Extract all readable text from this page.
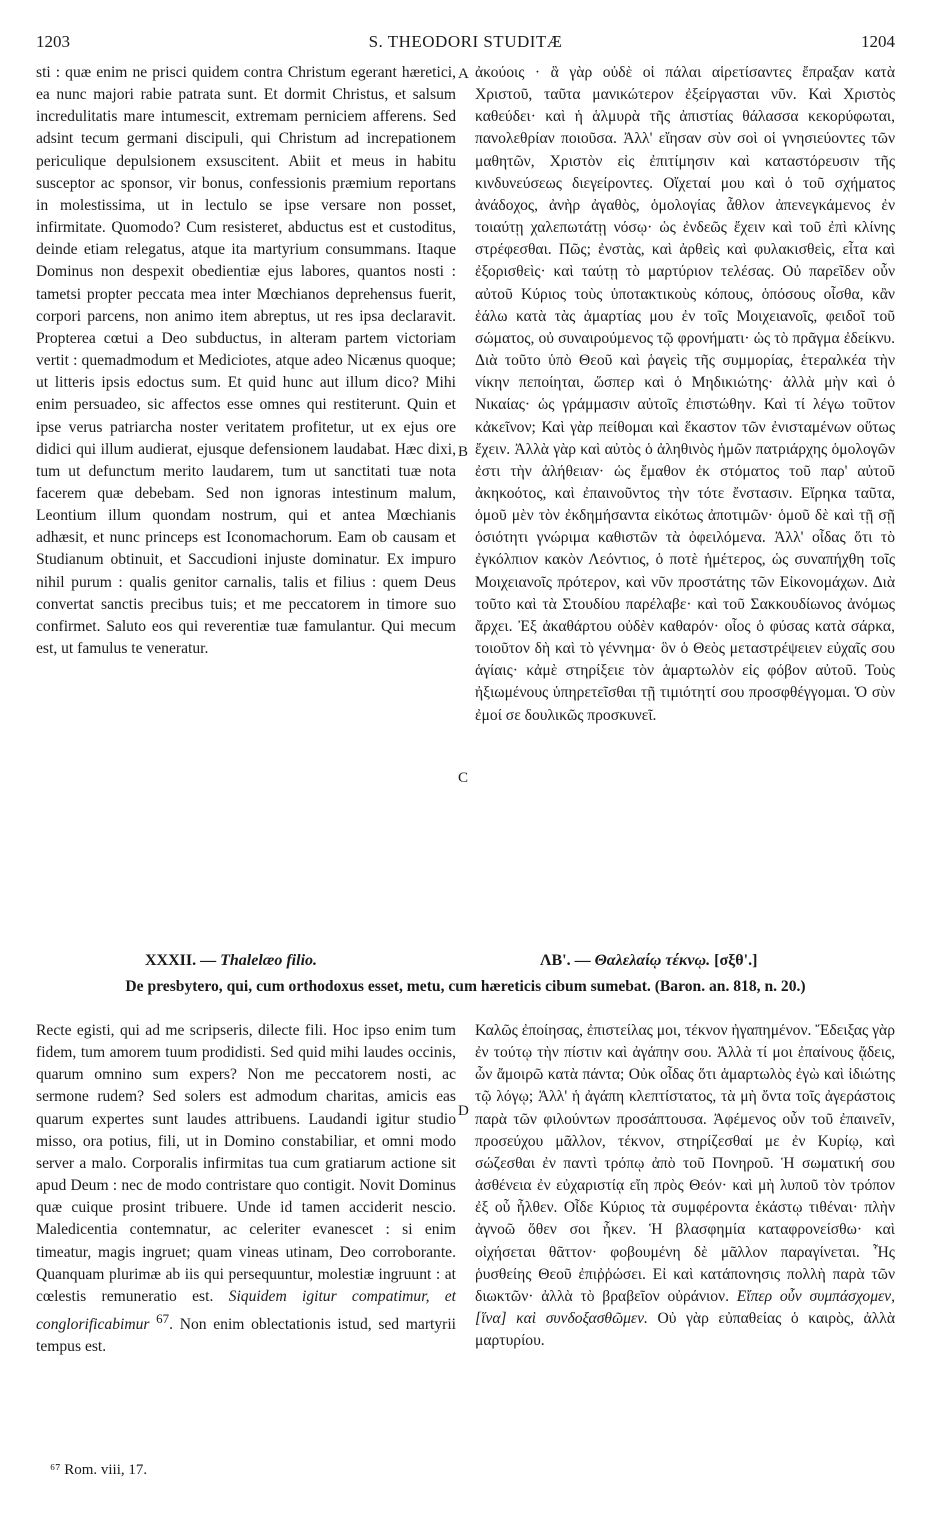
1203	S. THEODORI STUDITÆ	1204
A
B
C
D

sti : quæ enim ne prisci quidem contra Christum egerant hæretici, ea nunc majori rabie patrata sunt. Et dormit Christus, et salsum incredulitatis mare intumescit, extremam perniciem afferens. Sed adsint tecum germani discipuli, qui Christum ad increpationem periculique depulsionem exsuscitent. Abiit et meus in habitu susceptor ac sponsor, vir bonus, confessionis præmium reportans in molestissima, ut in lectulo se ipse versare non posset, infirmitate. Quomodo? Cum resisteret, abductus est et custoditus, deinde etiam relegatus, atque ita martyrium consummans. Itaque Dominus non despexit obedientiæ ejus labores, quantos nosti : tametsi propter peccata mea inter Mœchianos deprehensus fuerit, corpori parcens, non animo item abreptus, ut res ipsa declaravit. Propterea cœtui a Deo subductus, in alteram partem victoriam vertit : quemadmodum et Mediciotes, atque adeo Nicænus quoque; ut litteris ipsis edoctus sum. Et quid hunc aut illum dico? Mihi enim persuadeo, sic affectos esse omnes qui restiterunt. Quin et ipse verus patriarcha noster veritatem profitetur, ut ex ejus ore didici qui illum audierat, ejusque defensionem laudabat. Hæc dixi, tum ut defunctum merito laudarem, tum ut sanctitati tuæ nota facerem quæ debebam. Sed non ignoras intestinum malum, Leontium illum quondam nostrum, qui et antea Mœchianis adhæsit, et nunc princeps est Iconomachorum. Eam ob causam et Studianum obtinuit, et Saccudioni injuste dominatur. Ex impuro nihil purum : qualis genitor carnalis, talis et filius : quem Deus convertat sanctis precibus tuis; et me peccatorem in timore suo confirmet. Saluto eos qui reverentiæ tuæ famulantur. Qui mecum est, ut famulus te veneratur.

ἀκούοις · ἃ γὰρ οὐδὲ οἱ πάλαι αἱρετίσαντες ἔπραξαν κατὰ Χριστοῦ, ταῦτα μανικώτερον ἐξείργασται νῦν. Καὶ Χριστὸς καθεύδει· καὶ ἡ ἁλμυρὰ τῆς ἀπιστίας θάλασσα κεκορύφωται, πανολεθρίαν ποιοῦσα. Ἀλλ' εἴησαν σὺν σοὶ οἱ γνησιεύοντες τῶν μαθητῶν, Χριστὸν εἰς ἐπιτίμησιν καὶ καταστόρευσιν τῆς κινδυνεύσεως διεγείροντες. Οἴχεταί μου καὶ ὁ τοῦ σχήματος ἀνάδοχος, ἀνὴρ ἀγαθὸς, ὁμολογίας ἆθλον ἀπενεγκάμενος ἐν τοιαύτῃ χαλεπωτάτῃ νόσῳ· ὡς ἐνδεῶς ἔχειν καὶ τοῦ ἐπὶ κλίνης στρέφεσθαι. Πῶς; ἐνστὰς, καὶ ἀρθεὶς καὶ φυλακισθεὶς, εἶτα καὶ ἐξορισθεὶς· καὶ ταύτῃ τὸ μαρτύριον τελέσας. Οὐ παρεῖδεν οὖν αὐτοῦ Κύριος τοὺς ὑποτακτικοὺς κόπους, ὁπόσους οἶσθα, κἂν ἑάλω κατὰ τὰς ἁμαρτίας μου ἐν τοῖς Μοιχειανοῖς, φειδοῖ τοῦ σώματος, οὐ συναιρούμενος τῷ φρονήματι· ὡς τὸ πρᾶγμα ἐδείκνυ. Διὰ τοῦτο ὑπὸ Θεοῦ καὶ ῥαγεὶς τῆς συμμορίας, ἑτεραλκέα τὴν νίκην πεποίηται, ὥσπερ καὶ ὁ Μηδικιώτης· ἀλλὰ μὴν καὶ ὁ Νικαίας· ὡς γράμμασιν αὐτοῖς ἐπιστώθην. Καὶ τί λέγω τοῦτον κἀκεῖνον; Καὶ γὰρ πείθομαι καὶ ἕκαστον τῶν ἐνισταμένων οὕτως ἔχειν. Ἀλλὰ γὰρ καὶ αὐτὸς ὁ ἀληθινὸς ἡμῶν πατριάρχης ὁμολογῶν ἐστι τὴν ἀλήθειαν· ὡς ἔμαθον ἐκ στόματος τοῦ παρ' αὐτοῦ ἀκηκοότος, καὶ ἐπαινοῦντος τὴν τότε ἔνστασιν. Εἴρηκα ταῦτα, ὁμοῦ μὲν τὸν ἐκδημήσαντα εἰκότως ἀποτιμῶν· ὁμοῦ δὲ καὶ τῇ σῇ ὁσιότητι γνώριμα καθιστῶν τὰ ὀφειλόμενα. Ἀλλ' οἶδας ὅτι τὸ ἐγκόλπιον κακὸν Λεόντιος, ὁ ποτὲ ἡμέτερος, ὡς συναπήχθη τοῖς Μοιχειανοῖς πρότερον, καὶ νῦν προστάτης τῶν Εἰκονομάχων. Διὰ τοῦτο καὶ τὰ Στουδίου παρέλαβε· καὶ τοῦ Σακκουδίωνος ἀνόμως ἄρχει. Ἐξ ἀκαθάρτου οὐδὲν καθαρόν· οἷος ὁ φύσας κατὰ σάρκα, τοιοῦτον δὴ καὶ τὸ γέννημα· ὃν ὁ Θεὸς μεταστρέψειεν εὐχαῖς σου ἁγίαις· κἀμὲ στηρίξειε τὸν ἁμαρτωλὸν εἰς φόβον αὐτοῦ. Τοὺς ἠξιωμένους ὑπηρετεῖσθαι τῇ τιμιότητί σου προσφθέγγομαι. Ὁ σὺν ἐμοί σε δουλικῶς προσκυνεῖ.

XXXII. — Thalelæo filio.	ΛΒ'. — Θαλελαίῳ τέκνῳ. [σξθ'.]
De presbytero, qui, cum orthodoxus esset, metu, cum hæreticis cibum sumebat. (Baron. an. 818, n. 20.)

Recte egisti, qui ad me scripseris, dilecte fili. Hoc ipso enim tum fidem, tum amorem tuum prodidisti. Sed quid mihi laudes occinis, quarum omnino sum expers? Non me peccatorem nosti, ac sermone rudem? Sed solers est admodum charitas, amicis eas quarum expertes sunt laudes attribuens. Laudandi igitur studio misso, ora potius, fili, ut in Domino constabiliar, et omni modo server a malo. Corporalis infirmitas tua cum gratiarum actione sit apud Deum : nec de modo contristare quo contigit. Novit Dominus quæ cuique prosint tribuere. Unde id tamen acciderit nescio. Maledicentia contemnatur, ac celeriter evanescet : si enim timeatur, magis ingruet; quam vineas utinam, Deo corroborante. Quanquam plurimæ ab iis qui persequuntur, molestiæ ingruunt : at cœlestis remuneratio est. Siquidem igitur compatimur, et conglorificabimur $^{67}$. Non enim oblectationis istud, sed martyrii tempus est.

Καλῶς ἐποίησας, ἐπιστείλας μοι, τέκνον ἠγαπημένον. Ἔδειξας γὰρ ἐν τούτῳ τὴν πίστιν καὶ ἀγάπην σου. Ἀλλὰ τί μοι ἐπαίνους ᾄδεις, ὧν ἄμοιρῶ κατὰ πάντα; Οὐκ οἶδας ὅτι ἁμαρτωλὸς ἐγὼ καὶ ἰδιώτης τῷ λόγῳ; Ἀλλ' ἡ ἀγάπη κλεπτίστατος, τὰ μὴ ὄντα τοῖς ἀγεράστοις παρὰ τῶν φιλούντων προσάπτουσα. Ἀφέμενος οὖν τοῦ ἐπαινεῖν, προσεύχου μᾶλλον, τέκνον, στηρίζεσθαί με ἐν Κυρίῳ, καὶ σώζεσθαι ἐν παντὶ τρόπῳ ἀπὸ τοῦ Πονηροῦ. Ἡ σωματική σου ἀσθένεια ἐν εὐχαριστίᾳ εἴη πρὸς Θεόν· καὶ μὴ λυποῦ τὸν τρόπον ἐξ οὗ ἦλθεν. Οἶδε Κύριος τὰ συμφέροντα ἑκάστῳ τιθέναι· πλὴν ἀγνοῶ ὅθεν σοι ἧκεν. Ἡ βλασφημία καταφρονείσθω· καὶ οἰχήσεται θᾶττον· φοβουμένη δὲ μᾶλλον παραγίνεται. Ἧς ῥυσθείης Θεοῦ ἐπιῤῥώσει. Εἰ καὶ κατάπονησις πολλὴ παρὰ τῶν διωκτῶν· ἀλλὰ τὸ βραβεῖον οὐράνιον. Εἴπερ οὖν συμπάσχομεν, [ἵνα] καὶ συνδοξασθῶμεν. Οὐ γὰρ εὐπαθείας ὁ καιρὸς, ἀλλὰ μαρτυρίου.

⁶⁷ Rom. viii, 17.
